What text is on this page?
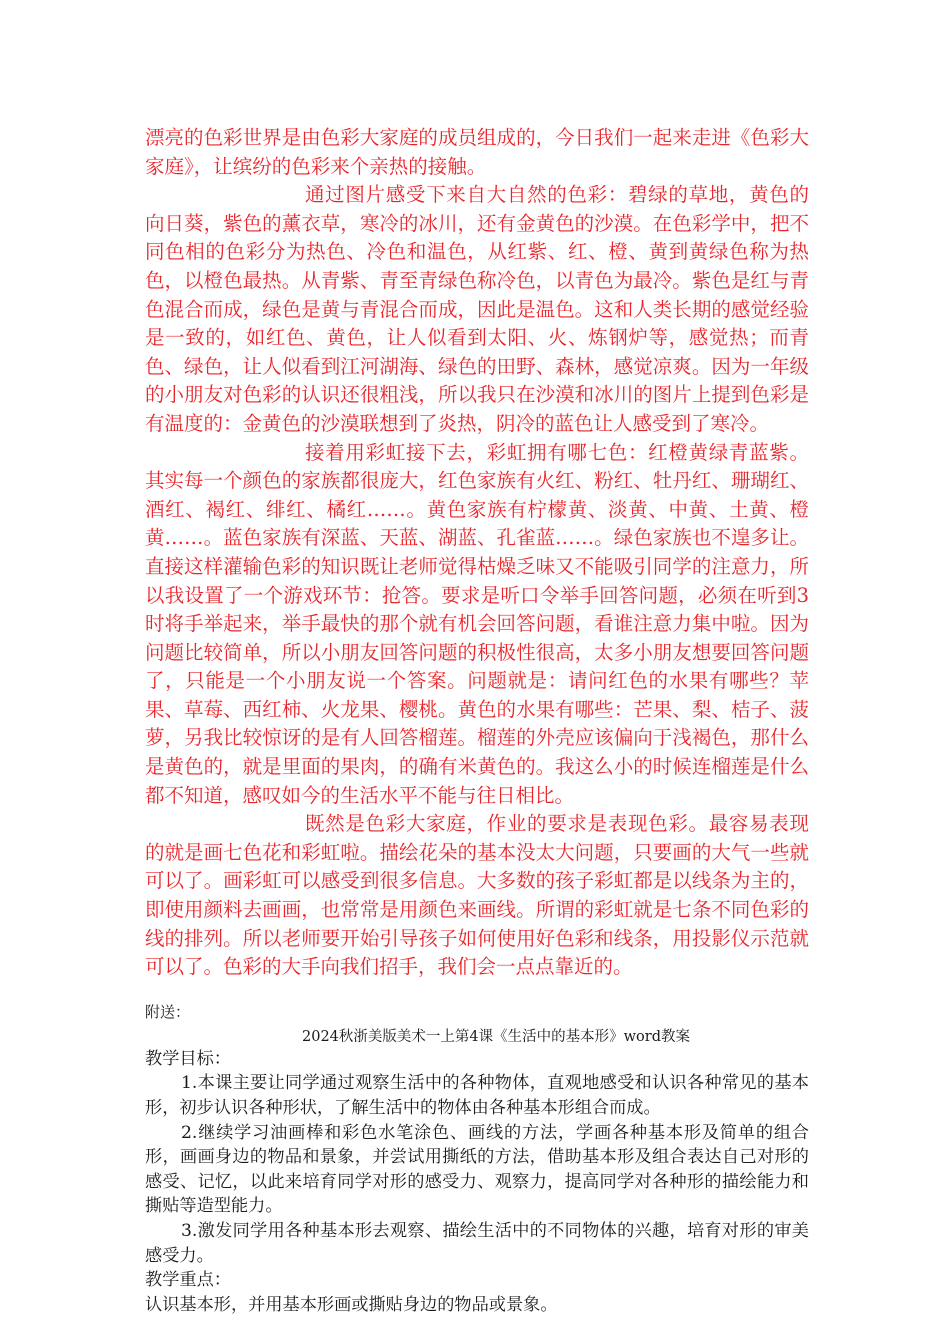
漂亮的色彩世界是由色彩大家庭的成员组成的，今日我们一起来走进《色彩大家庭》，让缤纷的色彩来个亲热的接触。

通过图片感受下来自大自然的色彩：碧绿的草地，黄色的向日葵，紫色的薰衣草，寒冷的冰川，还有金黄色的沙漠。在色彩学中，把不同色相的色彩分为热色、冷色和温色，从红紫、红、橙、黄到黄绿色称为热色，以橙色最热。从青紫、青至青绿色称冷色，以青色为最冷。紫色是红与青色混合而成，绿色是黄与青混合而成，因此是温色。这和人类长期的感觉经验是一致的，如红色、黄色，让人似看到太阳、火、炼钢炉等，感觉热；而青色、绿色，让人似看到江河湖海、绿色的田野、森林，感觉凉爽。因为一年级的小朋友对色彩的认识还很粗浅，所以我只在沙漠和冰川的图片上提到色彩是有温度的：金黄色的沙漠联想到了炎热，阴冷的蓝色让人感受到了寒冷。

接着用彩虹接下去，彩虹拥有哪七色：红橙黄绿青蓝紫。其实每一个颜色的家族都很庞大，红色家族有火红、粉红、牡丹红、珊瑚红、酒红、褐红、绯红、橘红……。黄色家族有柠檬黄、淡黄、中黄、土黄、橙黄……。蓝色家族有深蓝、天蓝、湖蓝、孔雀蓝……。绿色家族也不遑多让。直接这样灌输色彩的知识既让老师觉得枯燥乏味又不能吸引同学的注意力，所以我设置了一个游戏环节：抢答。要求是听口令举手回答问题，必须在听到3时将手举起来，举手最快的那个就有机会回答问题，看谁注意力集中啦。因为问题比较简单，所以小朋友回答问题的积极性很高，太多小朋友想要回答问题了，只能是一个小朋友说一个答案。问题就是：请问红色的水果有哪些？苹果、草莓、西红柿、火龙果、樱桃。黄色的水果有哪些：芒果、梨、桔子、菠萝，另我比较惊讶的是有人回答榴莲。榴莲的外壳应该偏向于浅褐色，那什么是黄色的，就是里面的果肉，的确有米黄色的。我这么小的时候连榴莲是什么都不知道，感叹如今的生活水平不能与往日相比。

既然是色彩大家庭，作业的要求是表现色彩。最容易表现的就是画七色花和彩虹啦。描绘花朵的基本没太大问题，只要画的大气一些就可以了。画彩虹可以感受到很多信息。大多数的孩子彩虹都是以线条为主的，即使用颜料去画画，也常常是用颜色来画线。所谓的彩虹就是七条不同色彩的线的排列。所以老师要开始引导孩子如何使用好色彩和线条，用投影仪示范就可以了。色彩的大手向我们招手，我们会一点点靠近的。

附送：

2024秋浙美版美术一上第4课《生活中的基本形》word教案

教学目标：

1.本课主要让同学通过观察生活中的各种物体，直观地感受和认识各种常见的基本形，初步认识各种形状，了解生活中的物体由各种基本形组合而成。

2.继续学习油画棒和彩色水笔涂色、画线的方法，学画各种基本形及简单的组合形，画画身边的物品和景象，并尝试用撕纸的方法，借助基本形及组合表达自己对形的感受、记忆，以此来培育同学对形的感受力、观察力，提高同学对各种形的描绘能力和撕贴等造型能力。

3.激发同学用各种基本形去观察、描绘生活中的不同物体的兴趣，培育对形的审美感受力。

教学重点：

认识基本形，并用基本形画或撕贴身边的物品或景象。
